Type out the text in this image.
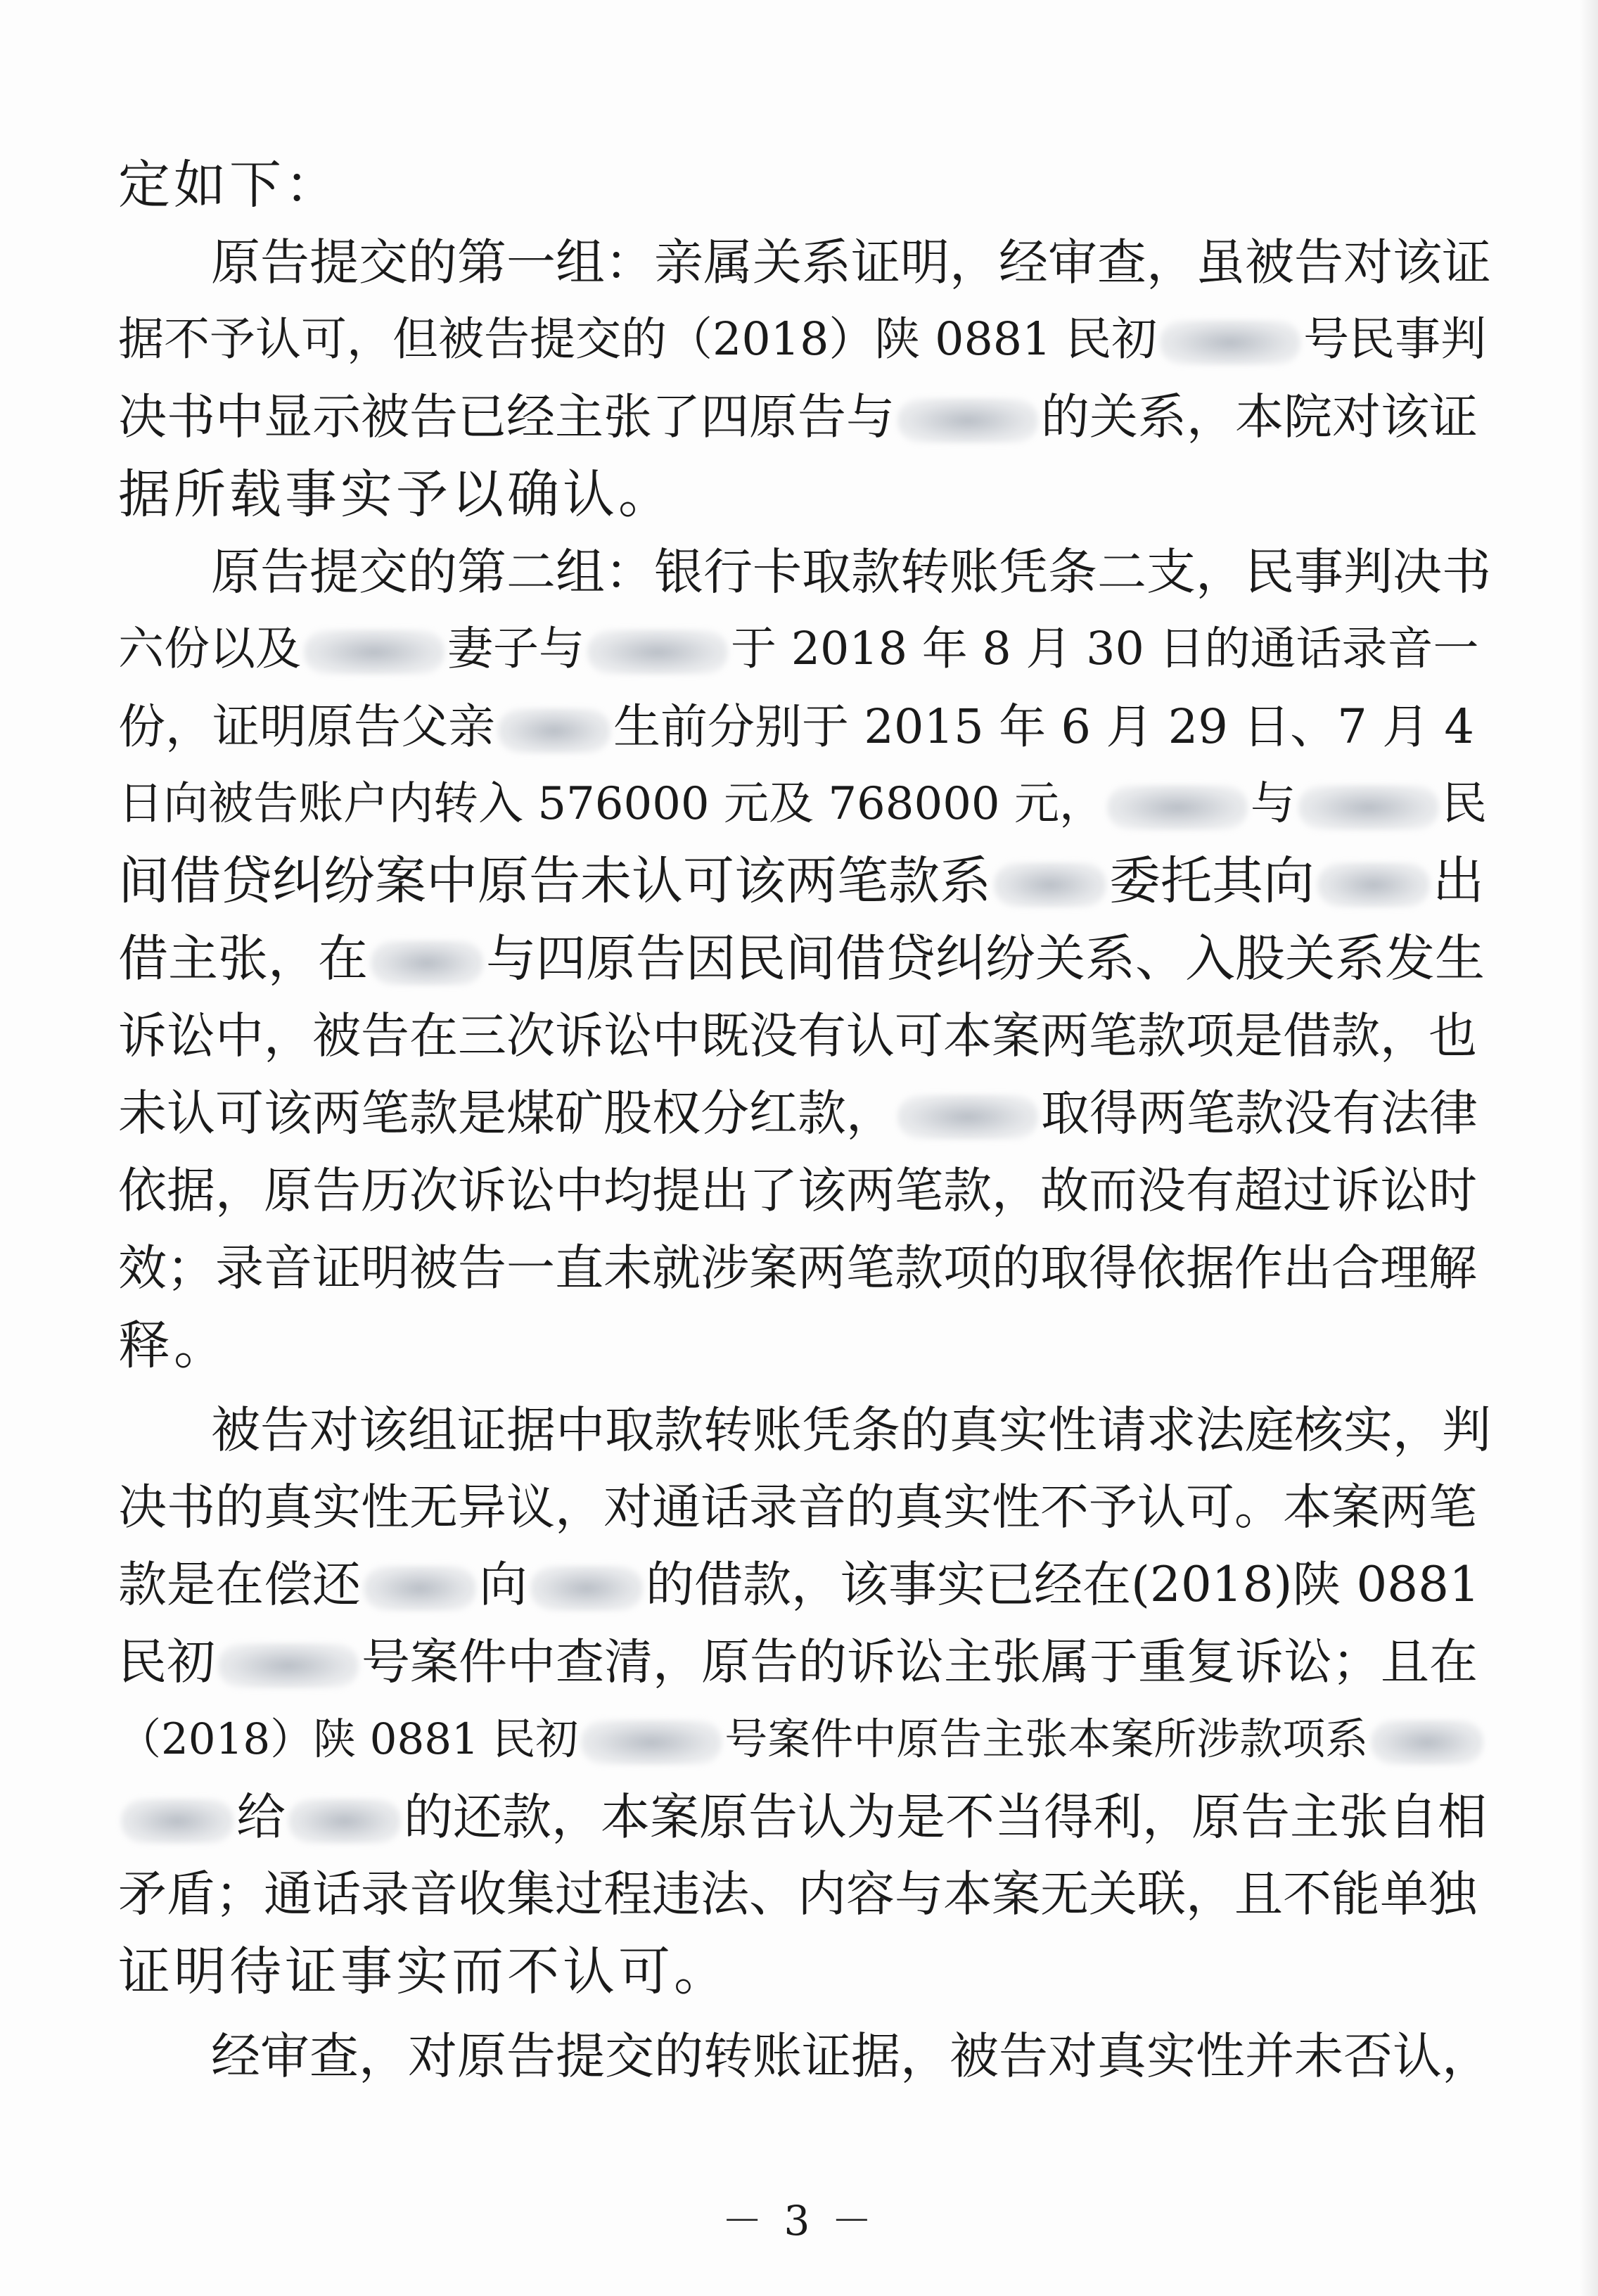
定如下：
原告提交的第一组：亲属关系证明，经审查，虽被告对该证
据不予认可，但被告提交的（2018）陕 0881 民初	号民事判
决书中显示被告已经主张了四原告与	的关系，本院对该证
据所载事实予以确认。
原告提交的第二组：银行卡取款转账凭条二支，民事判决书
六份以及	妻子与	于 2018 年 8 月 30 日的通话录音一
份，证明原告父亲	生前分别于 2015 年 6 月 29 日、7 月 4
日向被告账户内转入 576000 元及 768000 元，	与	民
间借贷纠纷案中原告未认可该两笔款系 委托其向 出
借主张，在 与四原告因民间借贷纠纷关系、入股关系发生
诉讼中，被告在三次诉讼中既没有认可本案两笔款项是借款，也
未认可该两笔款是煤矿股权分红款，	取得两笔款没有法律
依据，原告历次诉讼中均提出了该两笔款，故而没有超过诉讼时
效；录音证明被告一直未就涉案两笔款项的取得依据作出合理解
释。
被告对该组证据中取款转账凭条的真实性请求法庭核实，判
决书的真实性无异议，对通话录音的真实性不予认可。本案两笔
款是在偿还 向 的借款，该事实已经在(2018)陕 0881
民初	号案件中查清，原告的诉讼主张属于重复诉讼；且在
（2018）陕 0881 民初	号案件中原告主张本案所涉款项系
给 的还款，本案原告认为是不当得利，原告主张自相
矛盾；通话录音收集过程违法、内容与本案无关联，且不能单独
证明待证事实而不认可。
经审查，对原告提交的转账证据，被告对真实性并未否认，
－ 3 －
